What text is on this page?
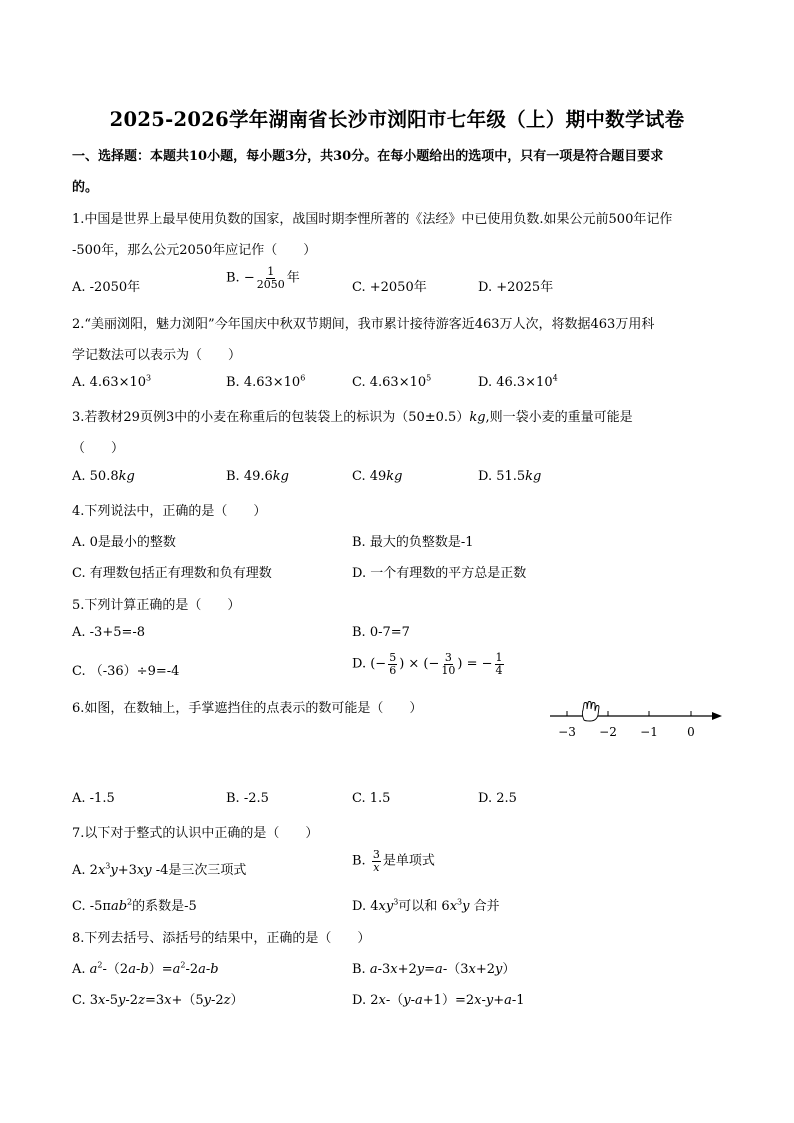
2025-2026学年湖南省长沙市浏阳市七年级（上）期中数学试卷
一、选择题：本题共10小题，每小题3分，共30分。在每小题给出的选项中，只有一项是符合题目要求
的。
1.中国是世界上最早使用负数的国家，战国时期李悝所著的《法经》中已使用负数.如果公元前500年记作
-500年，那么公元2050年应记作（　　）
A. -2050年
B. − $\frac{1}{2050}$ 年
C. +2050年	D. +2025年
2.“美丽浏阳，魅力浏阳”今年国庆中秋双节期间，我市累计接待游客近463万人次，将数据463万用科
学记数法可以表示为（　　）
A. $4.63\times 10^3$	B. $4.63\times 10^6$	C. $4.63\times 10^5$	D. $46.3\times 10^4$
3.若教材29页例3中的小麦在称重后的包装袋上的标识为（50±0.5）kg,则一袋小麦的重量可能是
（　　）
A. 50.8kg	B. 49.6kg	C. 49kg	D. 51.5kg
4.下列说法中，正确的是（　　）
A. 0是最小的整数	B. 最大的负整数是-1
C. 有理数包括正有理数和负有理数	D. 一个有理数的平方总是正数
5.下列计算正确的是（　　）
A. -3+5=-8	B. 0-7=7
C. （-36）÷9=-4	D. (− $\frac{5}{6}$ ) × (− $\frac{3}{10}$ ) = − $\frac{1}{4}$
6.如图，在数轴上，手掌遮挡住的点表示的数可能是（　　）
−3 −2 −1 0
A. -1.5	B. -2.5	C. 1.5	D. 2.5
7.以下对于整式的认识中正确的是（　　）
A. $2x^3y+3xy$ -4是三次三项式
B. $\frac{3}{x}$ 是单项式
C. -5πab$^2$的系数是-5	D. $4xy^3$可以和 $6x^3y$ 合并
8.下列去括号、添括号的结果中，正确的是（　　）
A. $a^2-(2a-b)=a^2-2a-b$	B. a-3x+2y=a-（3x+2y）
C. 3x-5y-2z=3x+（5y-2z）	D. 2x-（y-a+1）=2x-y+a-1
